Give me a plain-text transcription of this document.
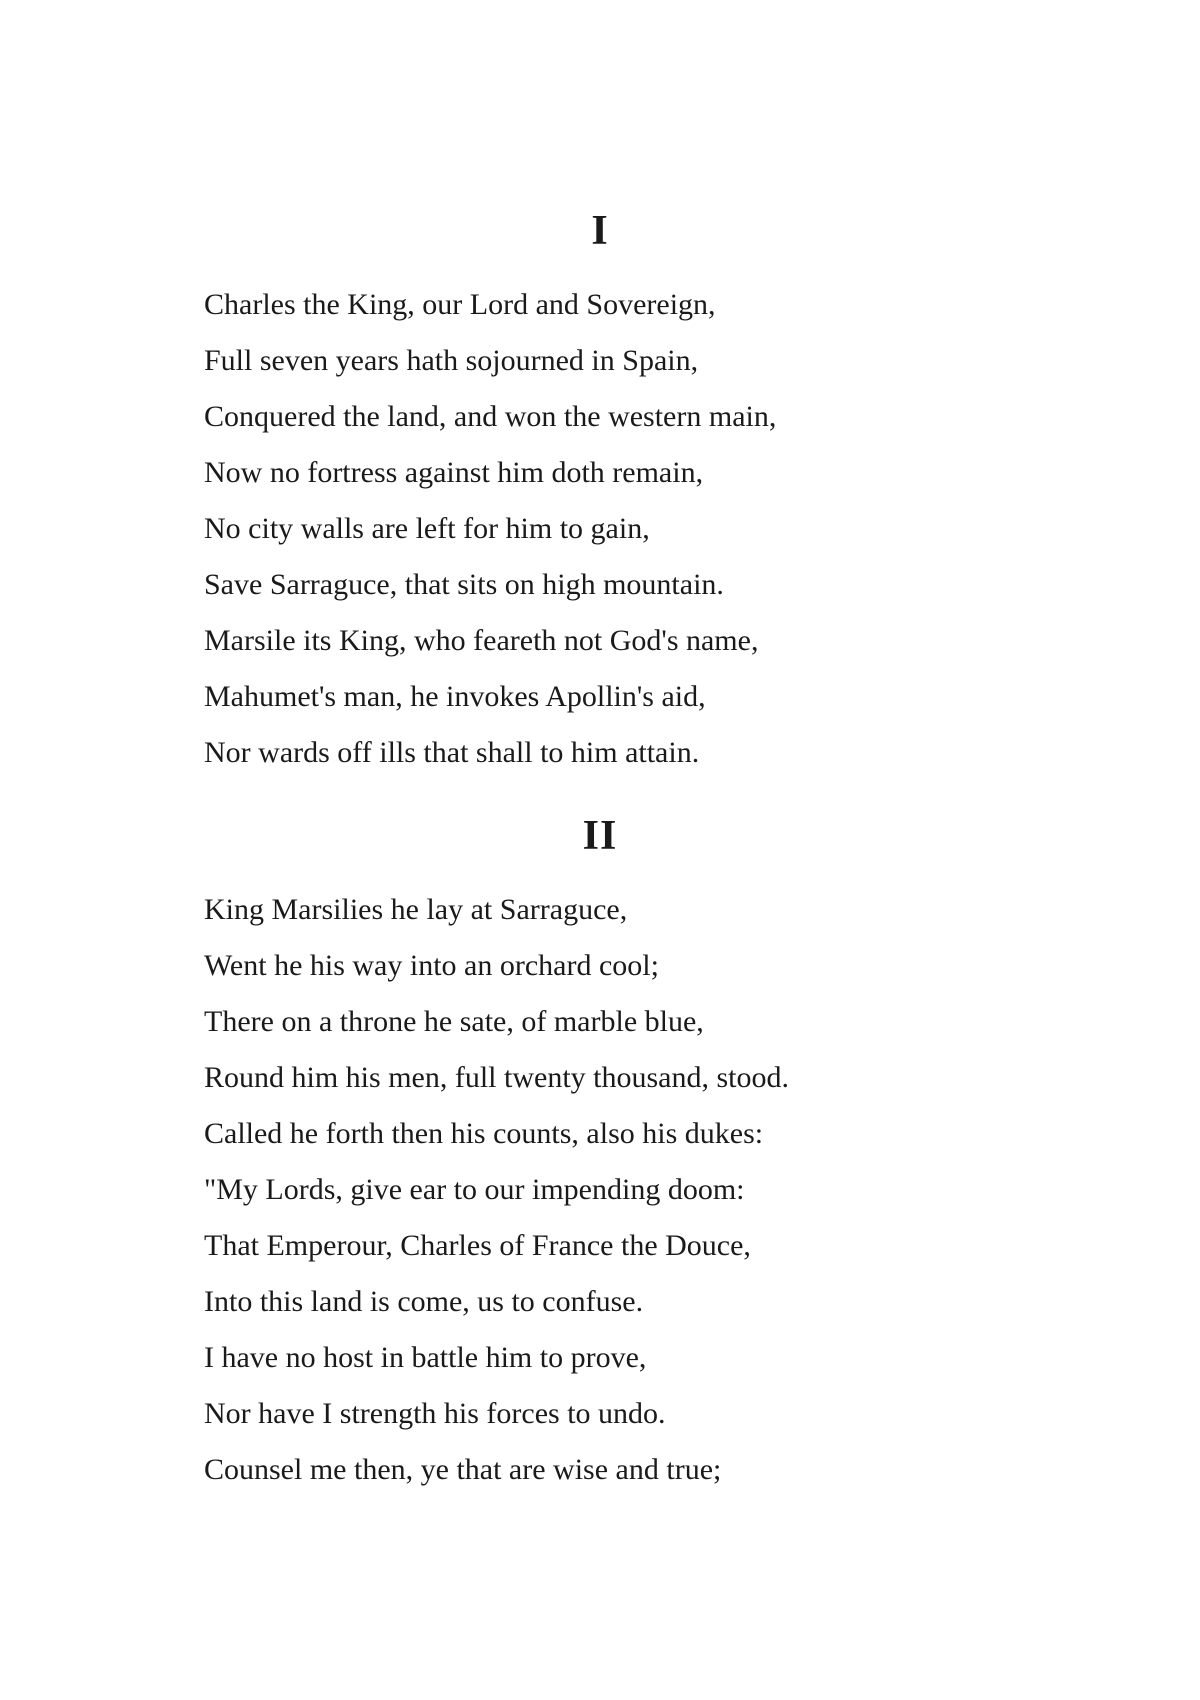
I
Charles the King, our Lord and Sovereign,
Full seven years hath sojourned in Spain,
Conquered the land, and won the western main,
Now no fortress against him doth remain,
No city walls are left for him to gain,
Save Sarraguce, that sits on high mountain.
Marsile its King, who feareth not God's name,
Mahumet's man, he invokes Apollin's aid,
Nor wards off ills that shall to him attain.
II
King Marsilies he lay at Sarraguce,
Went he his way into an orchard cool;
There on a throne he sate, of marble blue,
Round him his men, full twenty thousand, stood.
Called he forth then his counts, also his dukes:
"My Lords, give ear to our impending doom:
That Emperour, Charles of France the Douce,
Into this land is come, us to confuse.
I have no host in battle him to prove,
Nor have I strength his forces to undo.
Counsel me then, ye that are wise and true;
